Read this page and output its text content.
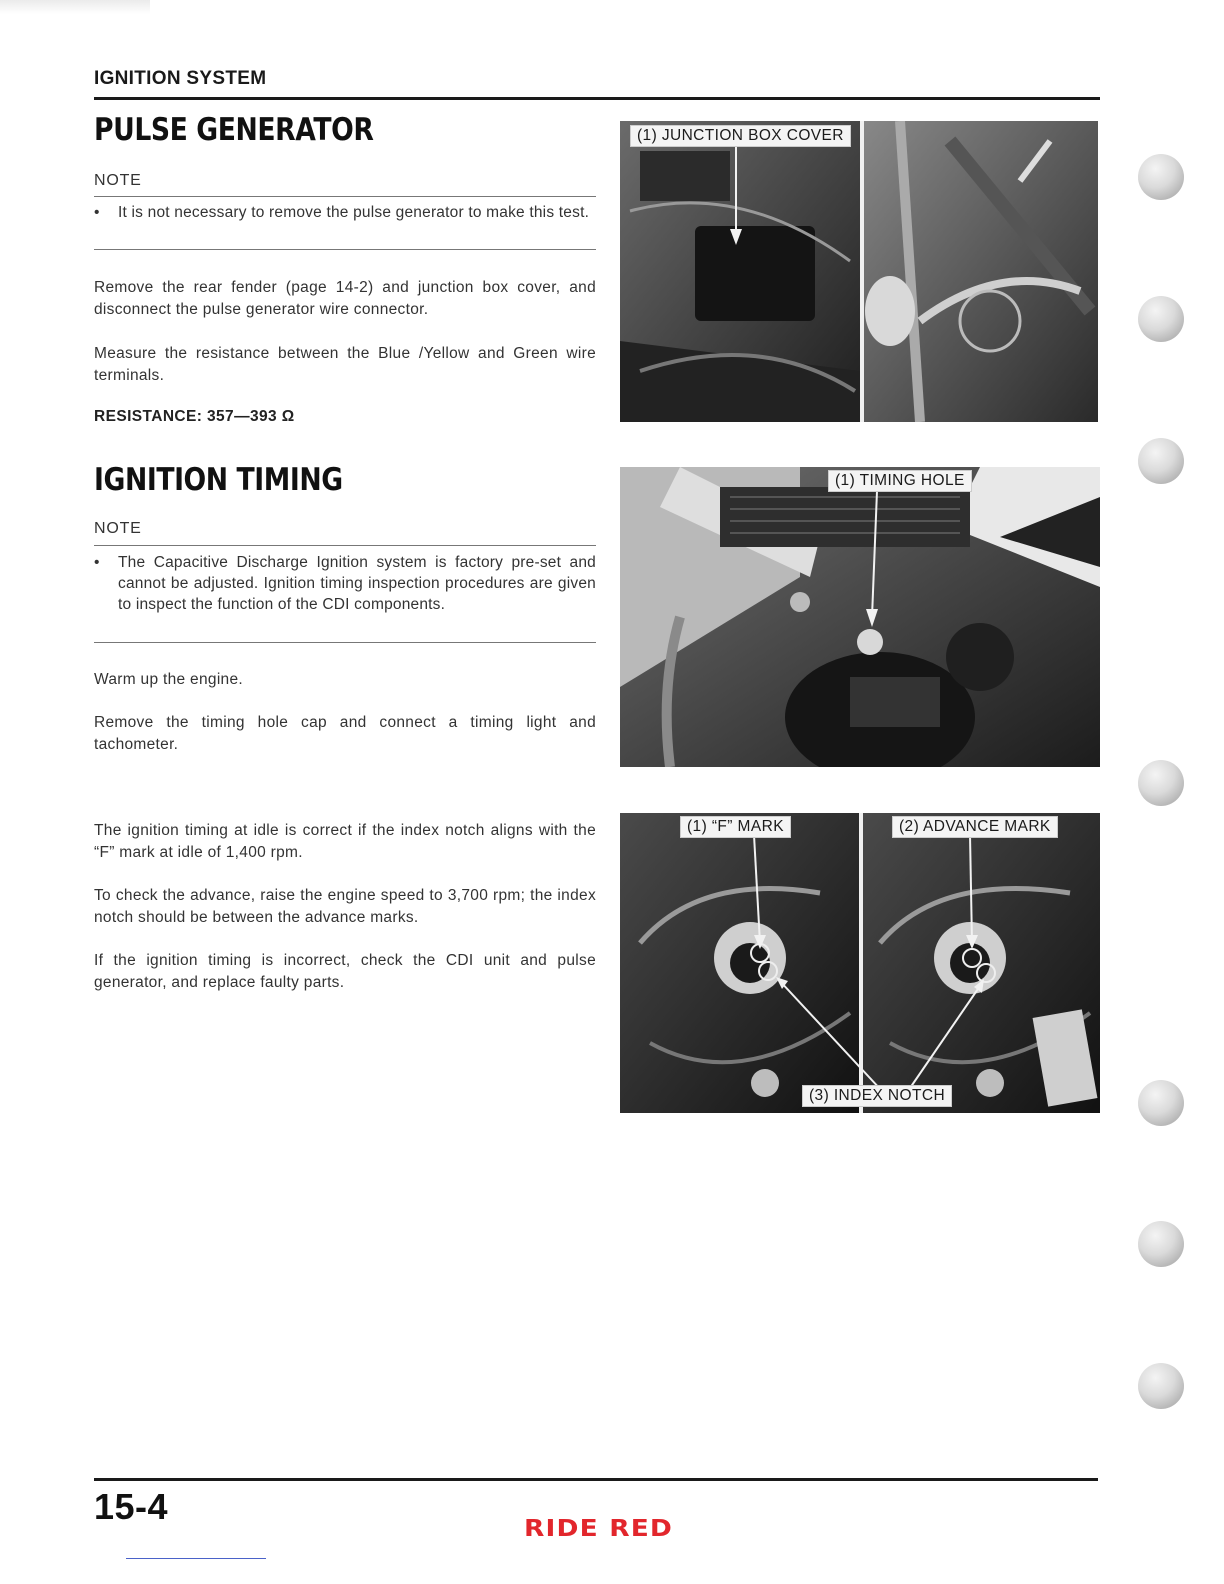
IGNITION SYSTEM
PULSE GENERATOR
NOTE
• It is not necessary to remove the pulse generator to make this test.
Remove the rear fender (page 14-2) and junction box cover, and disconnect the pulse generator wire connector.
Measure the resistance between the Blue /Yellow and Green wire terminals.
RESISTANCE: 357—393 Ω
IGNITION TIMING
NOTE
• The Capacitive Discharge Ignition system is factory pre-set and cannot be adjusted. Ignition timing inspection procedures are given to inspect the function of the CDI components.
Warm up the engine.
Remove the timing hole cap and connect a timing light and tachometer.
The ignition timing at idle is correct if the index notch aligns with the “F” mark at idle of 1,400 rpm.
To check the advance, raise the engine speed to 3,700 rpm; the index notch should be between the advance marks.
If the ignition timing is incorrect, check the CDI unit and pulse generator, and replace faulty parts.
(1) JUNCTION BOX COVER
(1) TIMING HOLE
(1) “F” MARK	(2) ADVANCE MARK
(3) INDEX NOTCH
15-4
RIDE RED
